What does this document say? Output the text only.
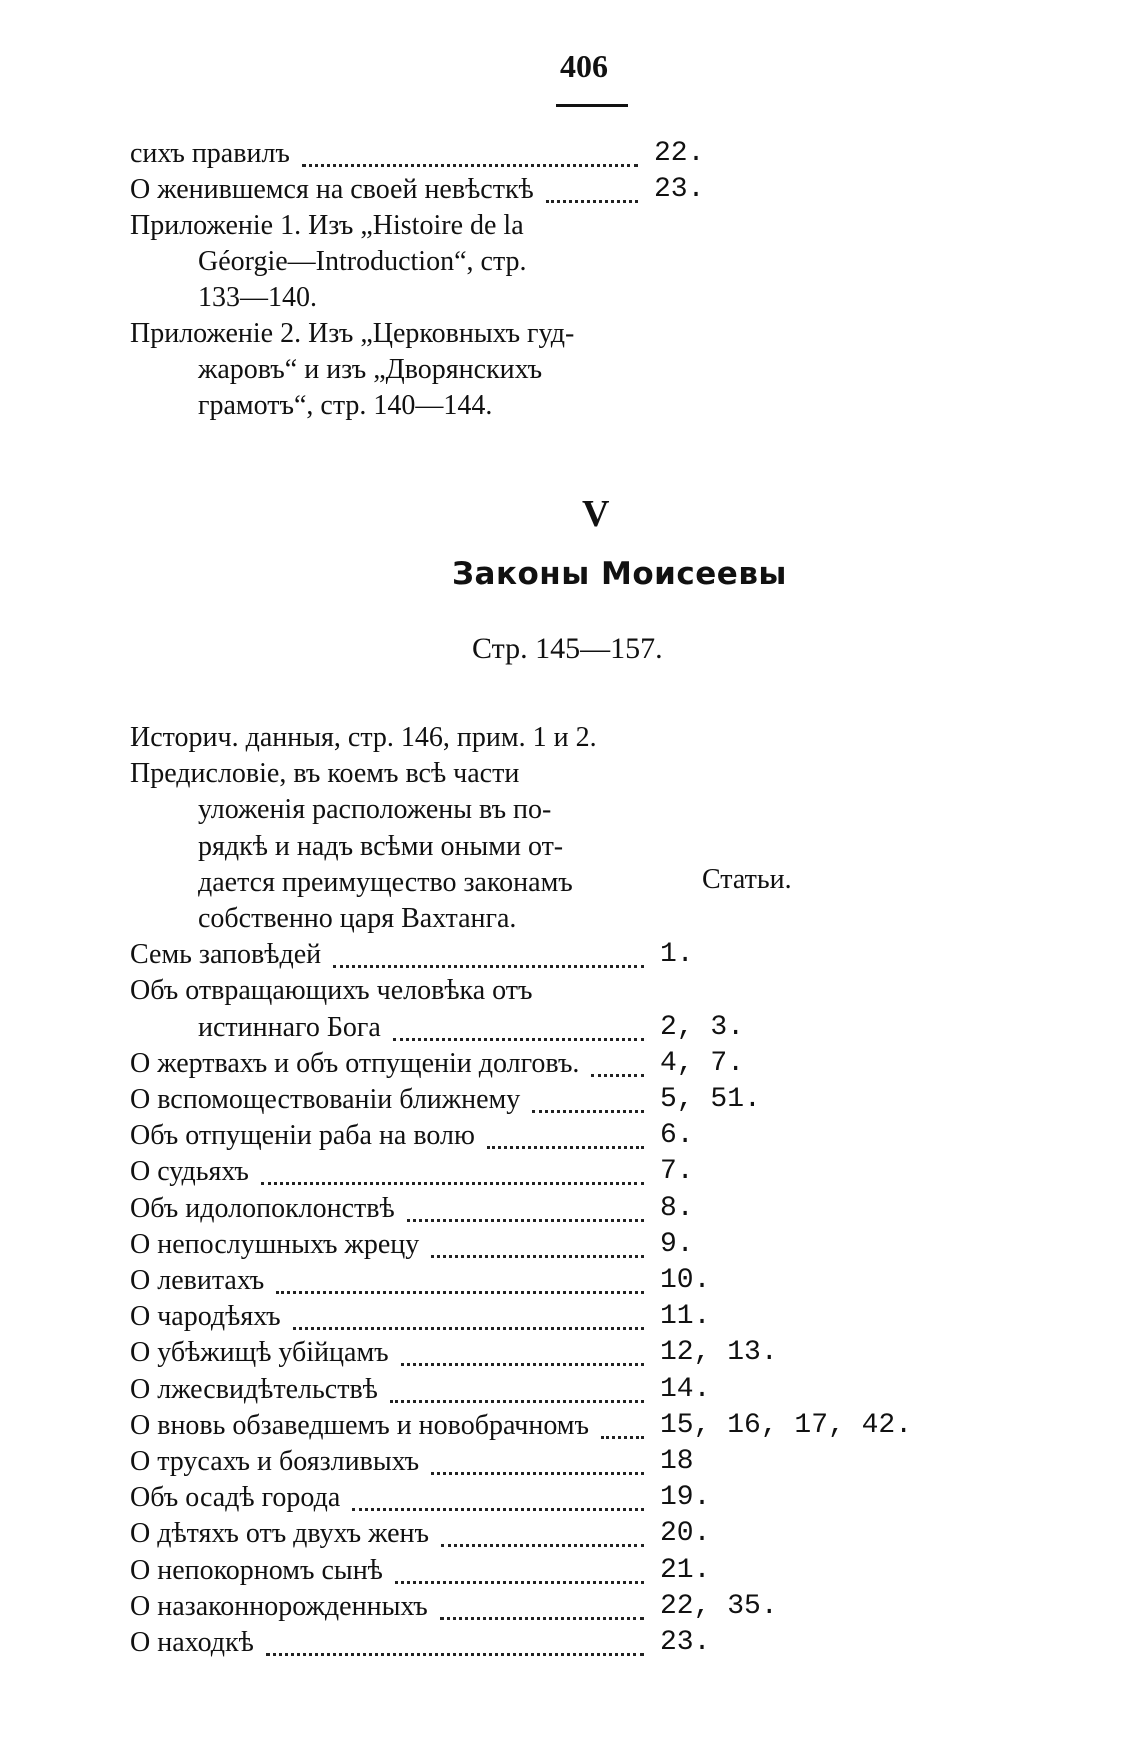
406
сихъ правилъ	22.
О женившемся на своей невѣсткѣ	23.
Приложеніе 1. Изъ „Histoire de la
Géorgie—Introduction“, стр.
133—140.
Приложеніе 2. Изъ „Церковныхъ гуд-
жаровъ“ и изъ „Дворянскихъ
грамотъ“, стр. 140—144.
V
Законы Моисеевы
Стр. 145—157.
Статьи.
Историч. данныя, стр. 146, прим. 1 и 2.
Предисловіе, въ коемъ всѣ части
уложенія расположены въ по-
рядкѣ и надъ всѣми оными от-
дается преимущество законамъ
собственно царя Вахтанга.
Семь заповѣдей	1.
Объ отвращающихъ человѣка отъ
истиннаго Бога	2, 3.
О жертвахъ и объ отпущеніи долговъ.	4, 7.
О вспомоществованіи ближнему	5, 51.
Объ отпущеніи раба на волю	6.
О судьяхъ	7.
Объ идолопоклонствѣ	8.
О непослушныхъ жрецу	9.
О левитахъ	10.
О чародѣяхъ	11.
О убѣжищѣ убійцамъ	12, 13.
О лжесвидѣтельствѣ	14.
О вновь обзаведшемъ и новобрачномъ	15, 16, 17, 42.
О трусахъ и боязливыхъ	18
Объ осадѣ города	19.
О дѣтяхъ отъ двухъ женъ	20.
О непокорномъ сынѣ	21.
О назаконнорожденныхъ	22, 35.
О находкѣ	23.
